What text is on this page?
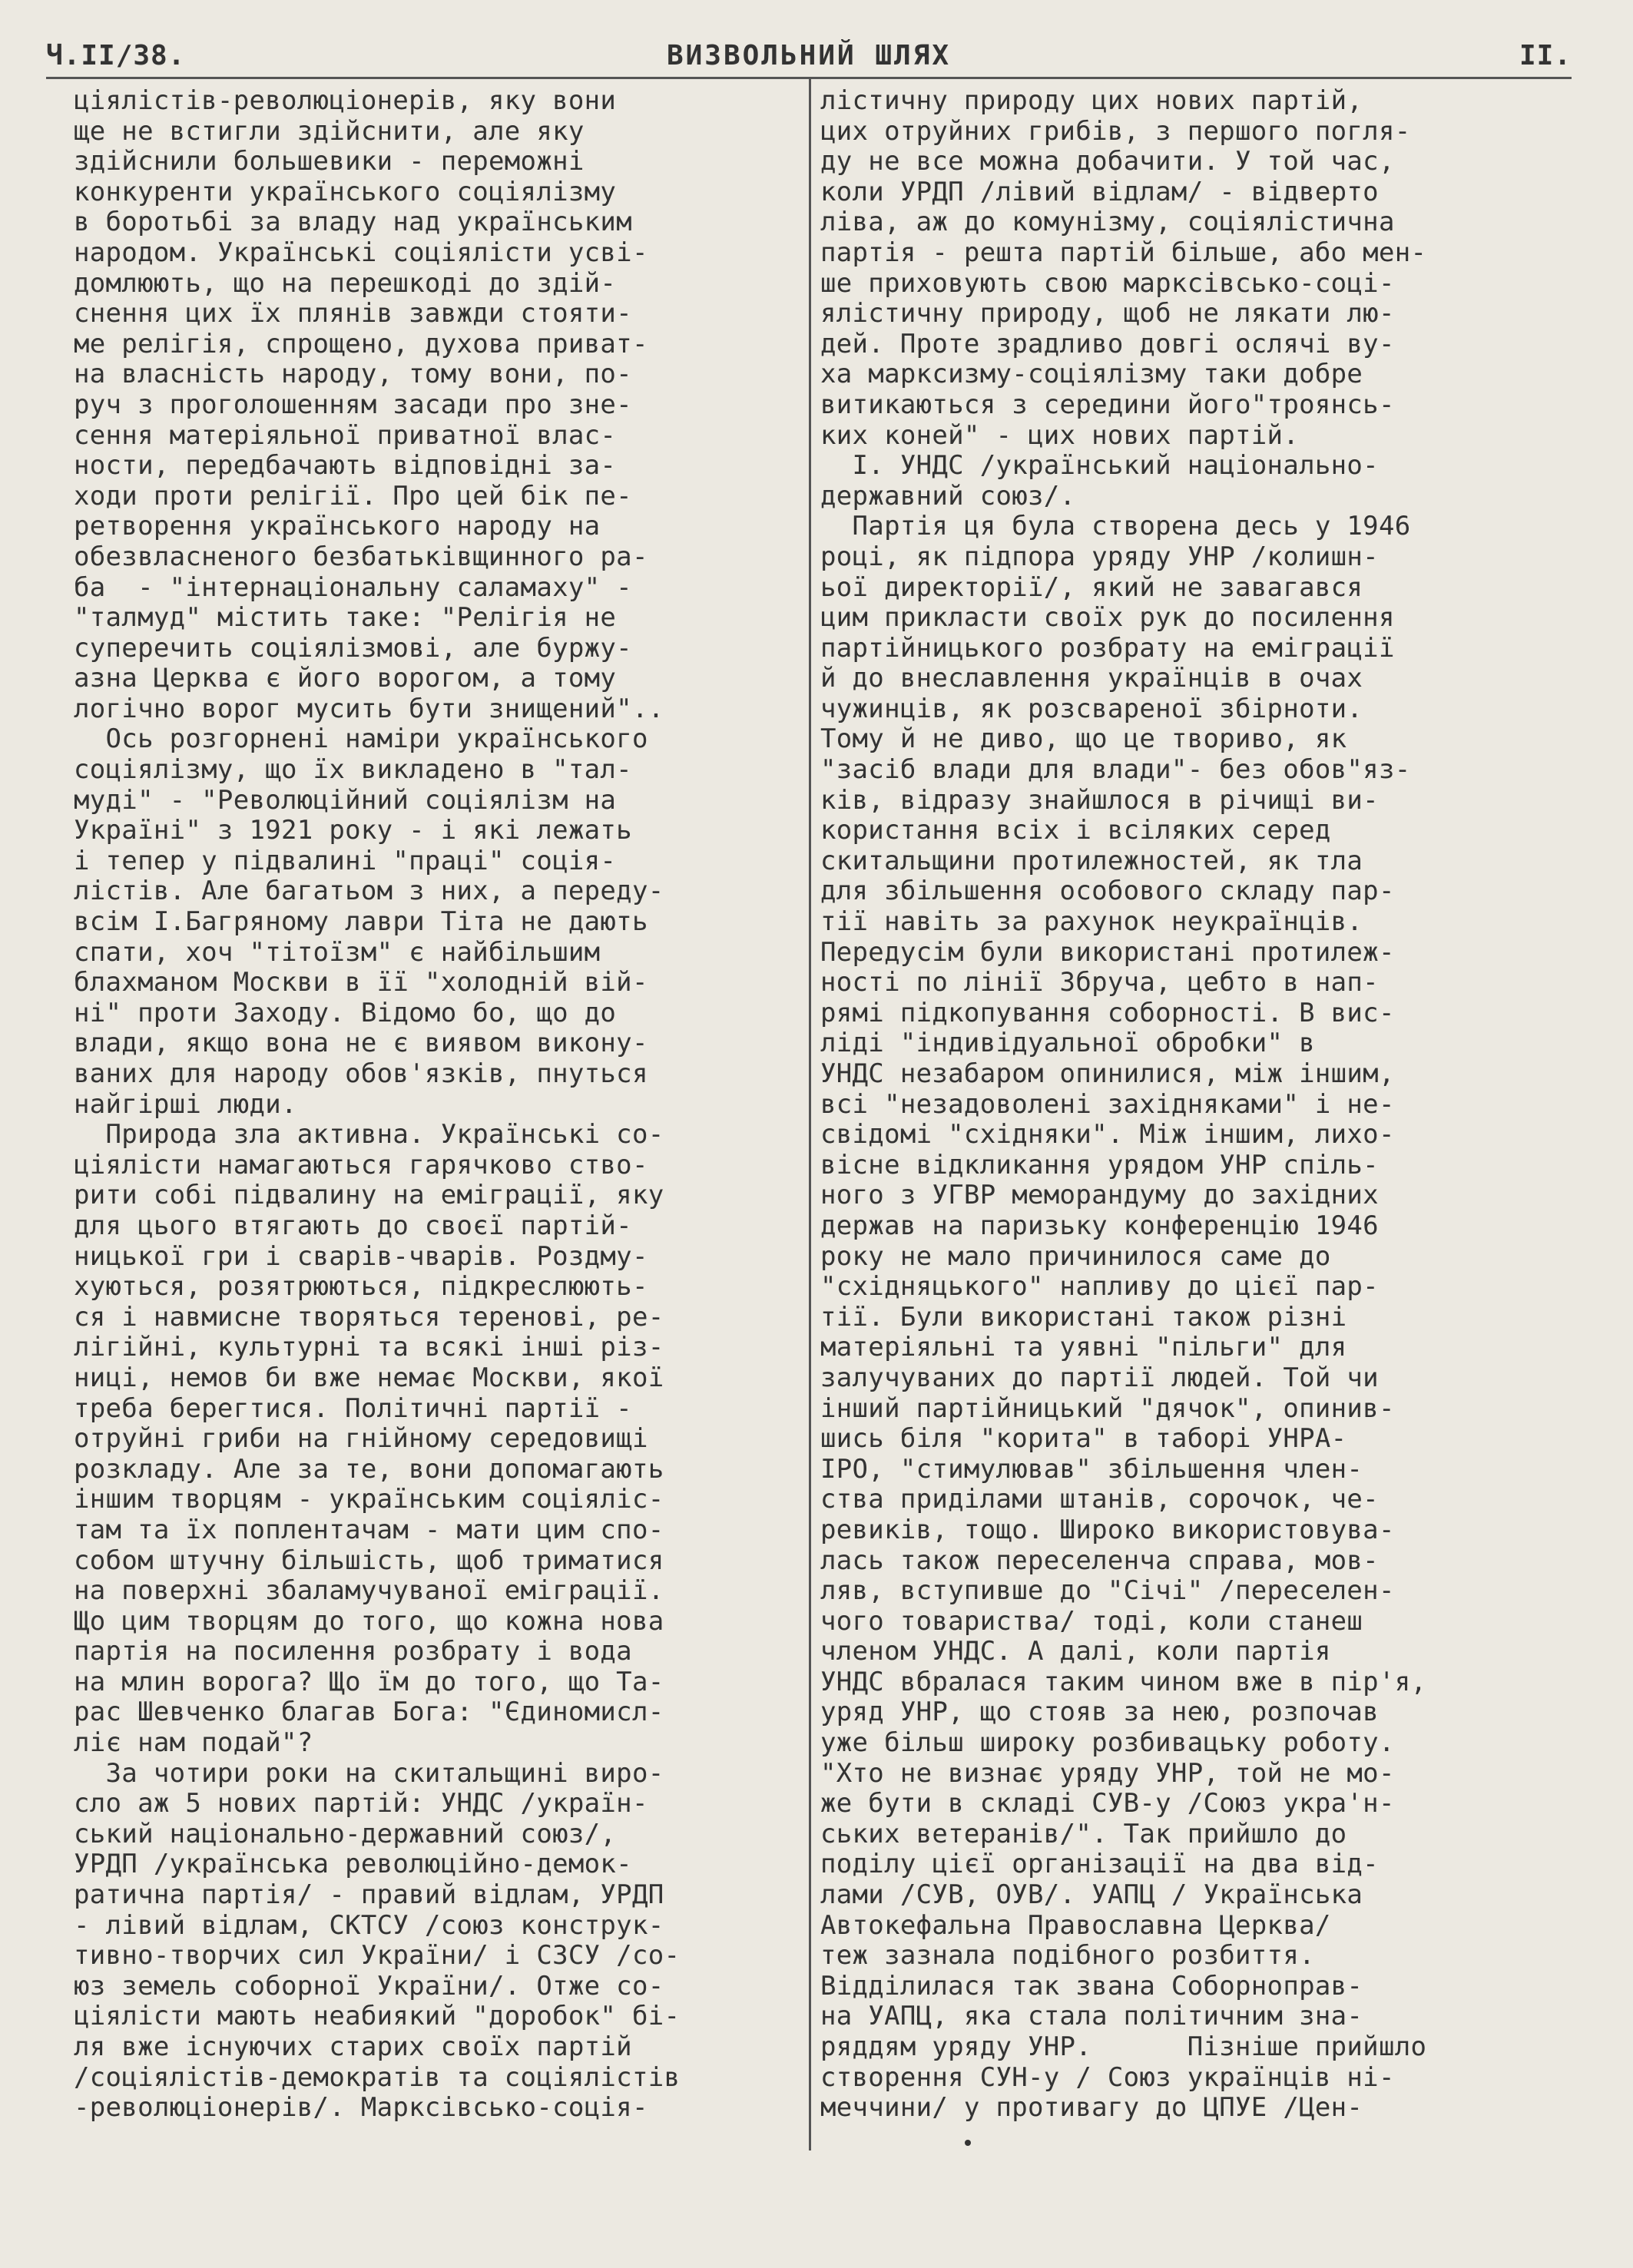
Ч.II/38.	ВИЗВОЛЬНИЙ ШЛЯХ	II.
ціялістів-революціонерів, яку вони
ще не встигли здійснити, але яку
здійснили большевики - переможні
конкуренти українського соціялізму
в боротьбі за владу над українським
народом. Українські соціялісти усві-
домлюють, що на перешкоді до здій-
снення цих їх плянів завжди стояти-
ме релігія, спрощено, духова приват-
на власність народу, тому вони, по-
руч з проголошенням засади про зне-
сення матеріяльної приватної влас-
ности, передбачають відповідні за-
ходи проти релігії. Про цей бік пе-
ретворення українського народу на
обезвласненого безбатьківщинного ра-
ба  - "інтернаціональну саламаху" -
"талмуд" містить таке: "Релігія не
суперечить соціялізмові, але буржу-
азна Церква є його ворогом, а тому
логічно ворог мусить бути знищений"..
Ось розгорнені наміри українського
соціялізму, що їх викладено в "тал-
муді" - "Революційний соціялізм на
Україні" з 1921 року - і які лежать
і тепер у підвалині "праці" соція-
лістів. Але багатьом з них, а переду-
всім І.Багряному лаври Тіта не дають
спати, хоч "тітоїзм" є найбільшим
блахманом Москви в її "холодній вій-
ні" проти Заходу. Відомо бо, що до
влади, якщо вона не є виявом викону-
ваних для народу обов'язків, пнуться
найгірші люди.
Природа зла активна. Українські со-
ціялісти намагаються гарячково ство-
рити собі підвалину на еміграції, яку
для цього втягають до своєї партій-
ницької гри і сварів-чварів. Роздму-
хуються, розятрюються, підкреслюють-
ся і навмисне творяться теренові, ре-
лігійні, культурні та всякі інші різ-
ниці, немов би вже немає Москви, якої
треба берегтися. Політичні партії -
отруйні гриби на гнійному середовищі
розкладу. Але за те, вони допомагають
іншим творцям - українським соціяліс-
там та їх поплентачам - мати цим спо-
собом штучну більшість, щоб триматися
на поверхні збаламучуваної еміграції.
Що цим творцям до того, що кожна нова
партія на посилення розбрату і вода
на млин ворога? Що їм до того, що Та-
рас Шевченко благав Бога: "Єдиномисл-
ліє нам подай"?
За чотири роки на скитальщині виро-
сло аж 5 нових партій: УНДС /україн-
ський національно-державний союз/,
УРДП /українська революційно-демок-
ратична партія/ - правий відлам, УРДП
- лівий відлам, СКТСУ /союз конструк-
тивно-творчих сил України/ і СЗСУ /со-
юз земель соборної України/. Отже со-
ціялісти мають неабиякий "доробок" бі-
ля вже існуючих старих своїх партій
/соціялістів-демократів та соціялістів
-революціонерів/. Марксівсько-соція-
лістичну природу цих нових партій,
цих отруйних грибів, з першого погля-
ду не все можна добачити. У той час,
коли УРДП /лівий відлам/ - відверто
ліва, аж до комунізму, соціялістична
партія - решта партій більше, або мен-
ше приховують свою марксівсько-соці-
ялістичну природу, щоб не лякати лю-
дей. Проте зрадливо довгі ослячі ву-
ха марксизму-соціялізму таки добре
витикаються з середини його"троянсь-
ких коней" - цих нових партій.
І. УНДС /український національно-
державний союз/.
Партія ця була створена десь у 1946
році, як підпора уряду УНР /колишн-
ьої директорії/, який не завагався
цим прикласти своїх рук до посилення
партійницького розбрату на еміграції
й до внеславлення українців в очах
чужинців, як розсвареної збірноти.
Тому й не диво, що це творивo, як
"засіб влади для влади"- без обов"яз-
ків, відразу знайшлося в річищі ви-
користання всіх і всіляких серед
скитальщини протилежностей, як тла
для збільшення особового складу пар-
тії навіть за рахунок неукраїнців.
Передусім були використані протилеж-
ності по лінії Збруча, цебто в нап-
рямі підкопування соборності. В вис-
ліді "індивідуальної обробки" в
УНДС незабаром опинилися, між іншим,
всі "незадоволені західняками" і не-
свідомі "східняки". Між іншим, лихо-
вісне відкликання урядом УНР спіль-
ного з УГВР меморандуму до західних
держав на паризьку конференцію 1946
року не мало причинилося саме до
"східняцького" напливу до цієї пар-
тії. Були використані також різні
матеріяльні та уявні "пільги" для
залучуваних до партії людей. Той чи
інший партійницький "дячок", опинив-
шись біля "корита" в таборі УНРА-
ІРО, "стимулював" збільшення член-
ства приділами штанів, сорочок, че-
ревиків, тощо. Широко використовува-
лась також переселенча справа, мов-
ляв, вступивше до "Січі" /переселен-
чого товариства/ тоді, коли станеш
членом УНДС. А далі, коли партія
УНДС вбралася таким чином вже в пір'я,
уряд УНР, що стояв за нею, розпочав
уже більш широку розбивацьку роботу.
"Хто не визнає уряду УНР, той не мо-
же бути в складі СУВ-у /Союз укра'н-
ських ветеранів/". Так прийшло до
поділу цієї організації на два від-
лами /СУВ, ОУВ/. УАПЦ / Українська
Автокефальна Православна Церква/
теж зазнала подібного розбиття.
Відділилася так звана Соборноправ-
на УАПЦ, яка стала політичним зна-
ряддям уряду УНР.      Пізніше прийшло
створення СУН-у / Союз українців ні-
меччини/ у противагу до ЦПУЕ /Цен-
